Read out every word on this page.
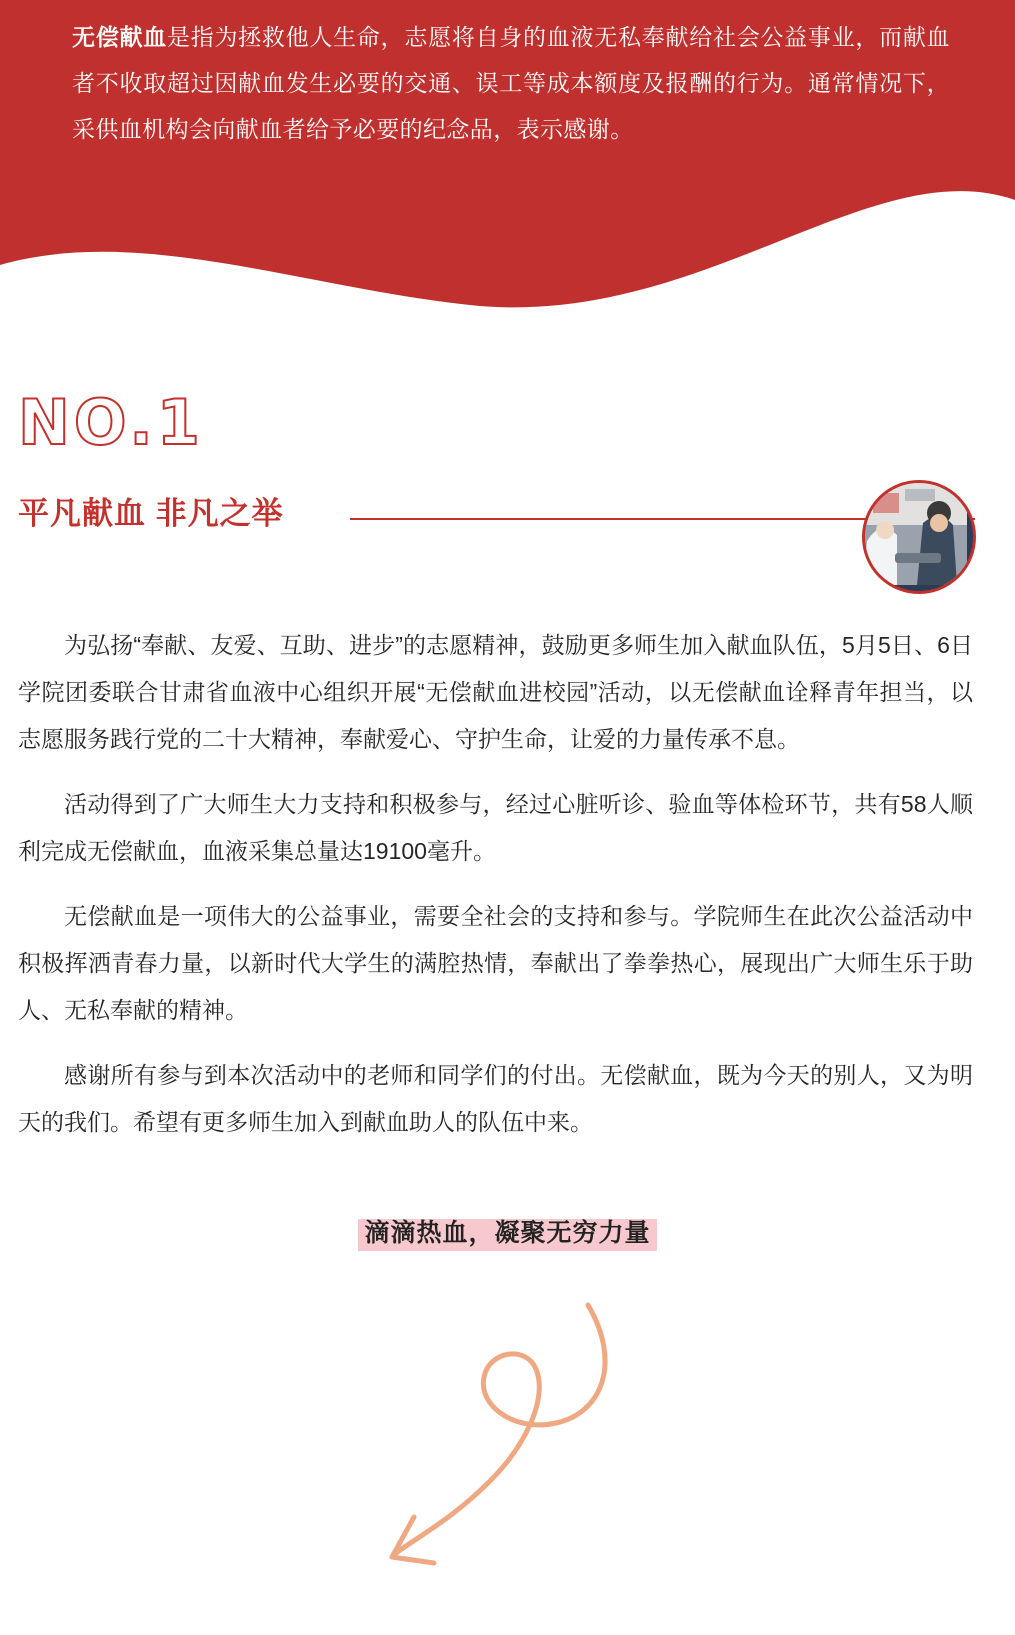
无偿献血是指为拯救他人生命，志愿将自身的血液无私奉献给社会公益事业，而献血者不收取超过因献血发生必要的交通、误工等成本额度及报酬的行为。通常情况下，采供血机构会向献血者给予必要的纪念品，表示感谢。
NO.1
平凡献血 非凡之举

为弘扬“奉献、友爱、互助、进步”的志愿精神，鼓励更多师生加入献血队伍，5月5日、6日学院团委联合甘肃省血液中心组织开展“无偿献血进校园”活动，以无偿献血诠释青年担当，以志愿服务践行党的二十大精神，奉献爱心、守护生命，让爱的力量传承不息。

活动得到了广大师生大力支持和积极参与，经过心脏听诊、验血等体检环节，共有58人顺利完成无偿献血，血液采集总量达19100毫升。

无偿献血是一项伟大的公益事业，需要全社会的支持和参与。学院师生在此次公益活动中积极挥洒青春力量，以新时代大学生的满腔热情，奉献出了拳拳热心，展现出广大师生乐于助人、无私奉献的精神。

感谢所有参与到本次活动中的老师和同学们的付出。无偿献血，既为今天的别人，又为明天的我们。希望有更多师生加入到献血助人的队伍中来。

滴滴热血，凝聚无穷力量
